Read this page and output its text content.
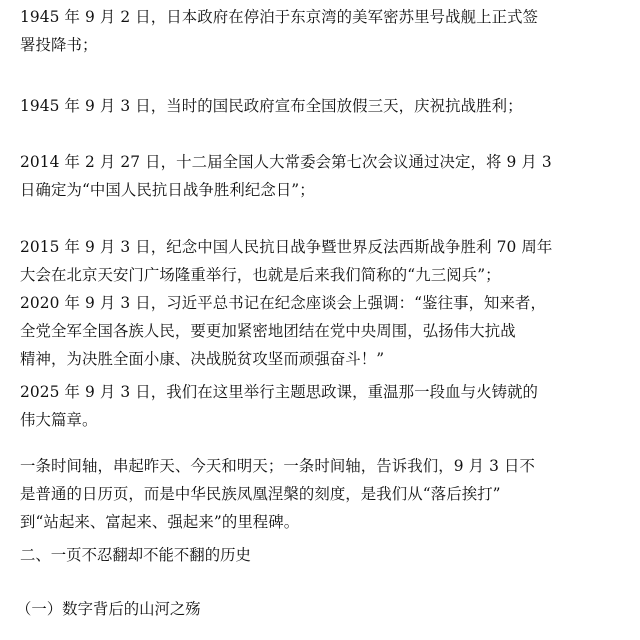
1945 年 9 月 2 日，日本政府在停泊于东京湾的美军密苏里号战舰上正式签
署投降书；

1945 年 9 月 3 日，当时的国民政府宣布全国放假三天，庆祝抗战胜利；

2014 年 2 月 27 日，十二届全国人大常委会第七次会议通过决定，将 9 月 3
日确定为“中国人民抗日战争胜利纪念日”；

2015 年 9 月 3 日，纪念中国人民抗日战争暨世界反法西斯战争胜利 70 周年
大会在北京天安门广场隆重举行，也就是后来我们简称的“九三阅兵”；

2020 年 9 月 3 日，习近平总书记在纪念座谈会上强调：“鉴往事，知来者，
全党全军全国各族人民，要更加紧密地团结在党中央周围，弘扬伟大抗战
精神，为决胜全面小康、决战脱贫攻坚而顽强奋斗！”

2025 年 9 月 3 日，我们在这里举行主题思政课，重温那一段血与火铸就的
伟大篇章。

一条时间轴，串起昨天、今天和明天；一条时间轴，告诉我们，9 月 3 日不
是普通的日历页，而是中华民族凤凰涅槃的刻度，是我们从“落后挨打”
到“站起来、富起来、强起来”的里程碑。

二、一页不忍翻却不能不翻的历史

（一）数字背后的山河之殇
